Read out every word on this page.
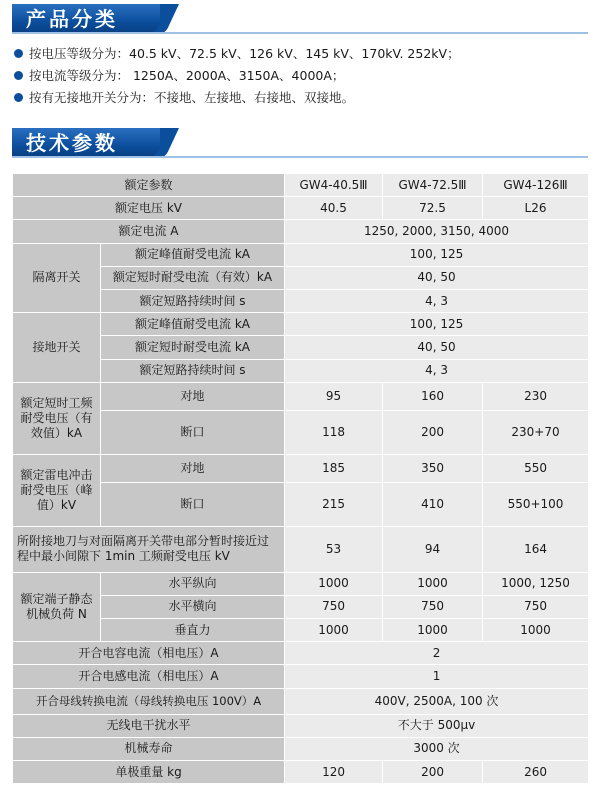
产品分类
按电压等级分为：40.5 kV、72.5 kV、126 kV、145 kV、170kV. 252kV；
按电流等级分为： 1250A、2000A、3150A、4000A；
按有无接地开关分为：不接地、左接地、右接地、双接地。
技术参数
额定参数		GW4-40.5Ⅲ	GW4-72.5Ⅲ	GW4-126Ⅲ
额定电压 kV		40.5	72.5	L26
额定电流 A		1250, 2000, 3150, 4000		
隔离开关	额定峰值耐受电流 kA	100, 125		
	额定短时耐受电流（有效）kA	40, 50		
	额定短路持续时间 s	4, 3		
接地开关	额定峰值耐受电流 kA	100, 125		
	额定短时耐受电流 kA	40, 50		
	额定短路持续时间 s	4, 3		
额定短时工频耐受电压（有效值）kA	对地	95	160	230
	断口	118	200	230+70
额定雷电冲击耐受电压（峰值）kV	对地	185	350	550
	断口	215	410	550+100
所附接地刀与对面隔离开关带电部分暂时接近过程中最小间隙下 1min 工频耐受电压 kV		53	94	164
额定端子静态机械负荷 N	水平纵向	1000	1000	1000, 1250
	水平横向	750	750	750
	垂直力	1000	1000	1000
开合电容电流（相电压）A		2		
开合电感电流（相电压）A		1		
开合母线转换电流（母线转换电压 100V）A		400V, 2500A, 100 次		
无线电干扰水平		不大于 500μv		
机械寿命		3000 次		
单极重量 kg		120	200	260
